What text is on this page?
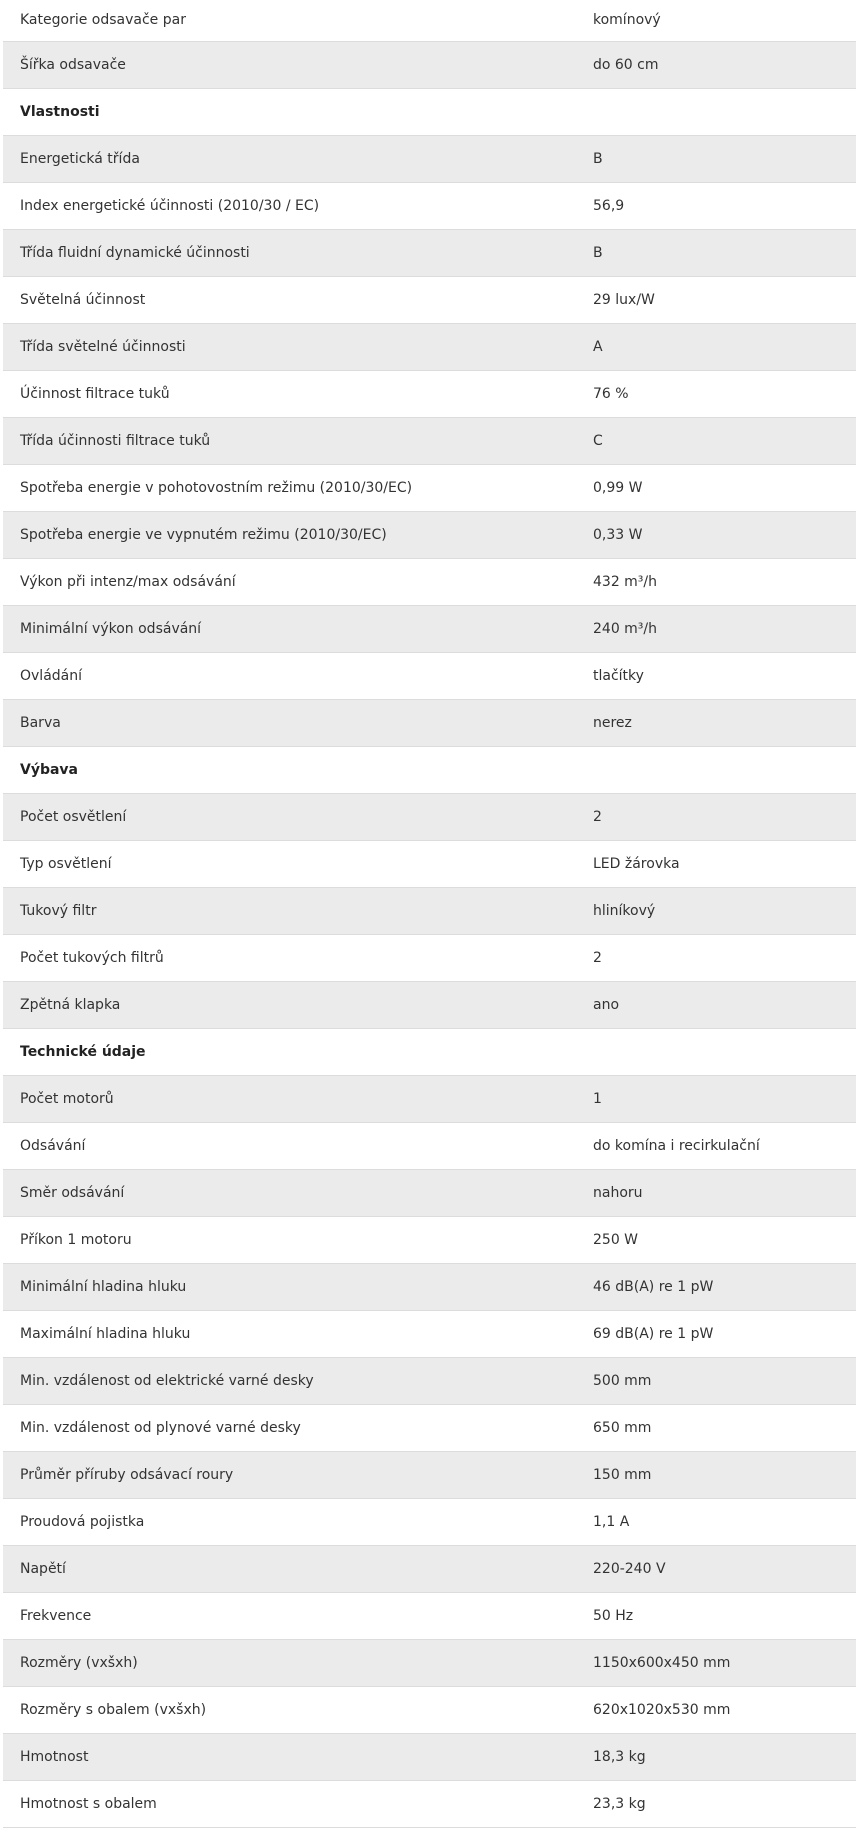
Kategorie odsavače par	komínový
Šířka odsavače	do 60 cm
Vlastnosti	
Energetická třída	B
Index energetické účinnosti (2010/30 / EC)	56,9
Třída fluidní dynamické účinnosti	B
Světelná účinnost	29 lux/W
Třída světelné účinnosti	A
Účinnost filtrace tuků	76 %
Třída účinnosti filtrace tuků	C
Spotřeba energie v pohotovostním režimu (2010/30/EC)	0,99 W
Spotřeba energie ve vypnutém režimu (2010/30/EC)	0,33 W
Výkon při intenz/max odsávání	432 m³/h
Minimální výkon odsávání	240 m³/h
Ovládání	tlačítky
Barva	nerez
Výbava	
Počet osvětlení	2
Typ osvětlení	LED žárovka
Tukový filtr	hliníkový
Počet tukových filtrů	2
Zpětná klapka	ano
Technické údaje	
Počet motorů	1
Odsávání	do komína i recirkulační
Směr odsávání	nahoru
Příkon 1 motoru	250 W
Minimální hladina hluku	46 dB(A) re 1 pW
Maximální hladina hluku	69 dB(A) re 1 pW
Min. vzdálenost od elektrické varné desky	500 mm
Min. vzdálenost od plynové varné desky	650 mm
Průměr příruby odsávací roury	150 mm
Proudová pojistka	1,1 A
Napětí	220-240 V
Frekvence	50 Hz
Rozměry (vxšxh)	1150x600x450 mm
Rozměry s obalem (vxšxh)	620x1020x530 mm
Hmotnost	18,3 kg
Hmotnost s obalem	23,3 kg
